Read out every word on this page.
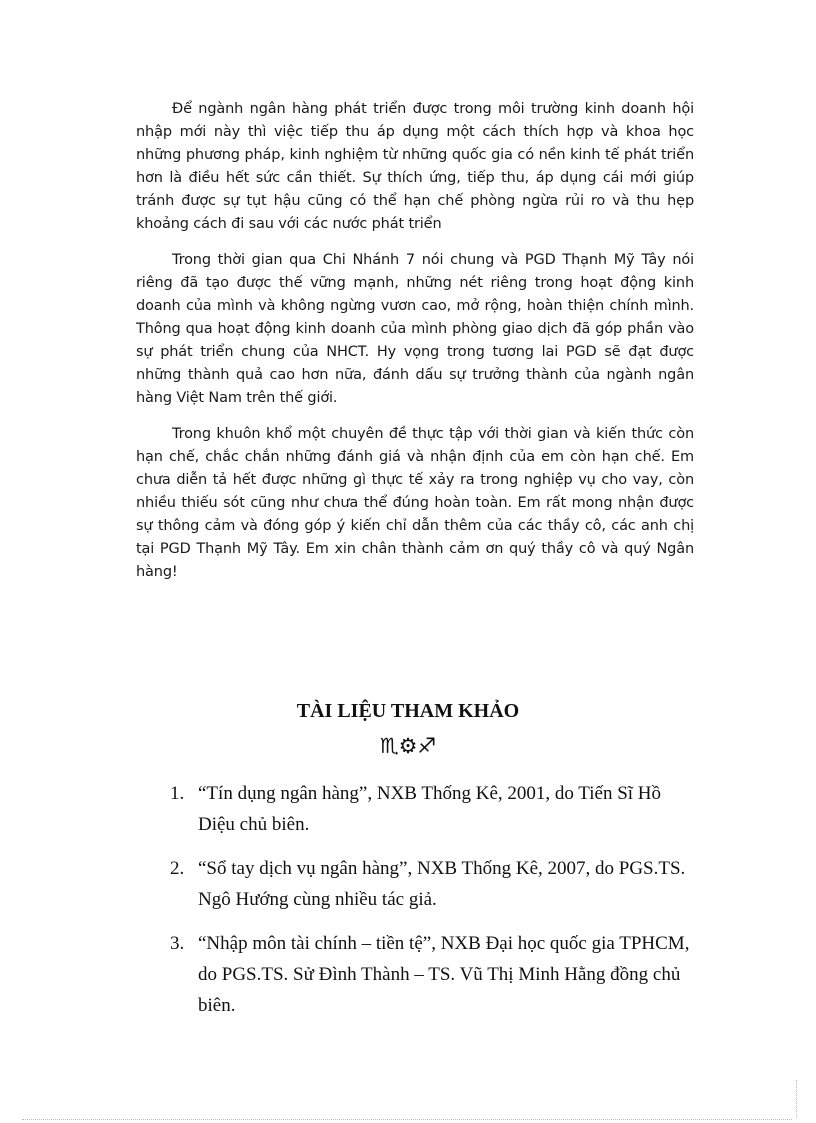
Để ngành ngân hàng phát triển được trong môi trường kinh doanh hội nhập mới này thì việc tiếp thu áp dụng một cách thích hợp và khoa học những phương pháp, kinh nghiệm từ những quốc gia có nền kinh tế phát triển hơn là điều hết sức cần thiết. Sự thích ứng, tiếp thu, áp dụng cái mới giúp tránh được sự tụt hậu cũng có thể hạn chế phòng ngừa rủi ro và thu hẹp khoảng cách đi sau với các nước phát triển

Trong thời gian qua Chi Nhánh 7 nói chung và PGD Thạnh Mỹ Tây nói riêng đã tạo được thế vững mạnh, những nét riêng trong hoạt động kinh doanh của mình và không ngừng vươn cao, mở rộng, hoàn thiện chính mình. Thông qua hoạt động kinh doanh của mình phòng giao dịch đã góp phần vào sự phát triển chung của NHCT. Hy vọng trong tương lai PGD sẽ đạt được những thành quả cao hơn nữa, đánh dấu sự trưởng thành của ngành ngân hàng Việt Nam trên thế giới.

Trong khuôn khổ một chuyên đề thực tập với thời gian và kiến thức còn hạn chế, chắc chắn những đánh giá và nhận định của em còn hạn chế. Em chưa diễn tả hết được những gì thực tế xảy ra trong nghiệp vụ cho vay, còn nhiều thiếu sót cũng như chưa thể đúng hoàn toàn. Em rất mong nhận được sự thông cảm và đóng góp ý kiến chỉ dẫn thêm của các thầy cô, các anh chị tại PGD Thạnh Mỹ Tây. Em xin chân thành cảm ơn quý thầy cô và quý Ngân hàng!

TÀI LIỆU THAM KHẢO
♏⚙♐
1. “Tín dụng ngân hàng”, NXB Thống Kê, 2001, do Tiến Sĩ Hồ Diệu chủ biên.
2. “Sổ tay dịch vụ ngân hàng”, NXB Thống Kê, 2007, do PGS.TS. Ngô Hướng cùng nhiều tác giả.
3. “Nhập môn tài chính – tiền tệ”, NXB Đại học quốc gia TPHCM, do PGS.TS. Sử Đình Thành – TS. Vũ Thị Minh Hằng đồng chủ biên.
